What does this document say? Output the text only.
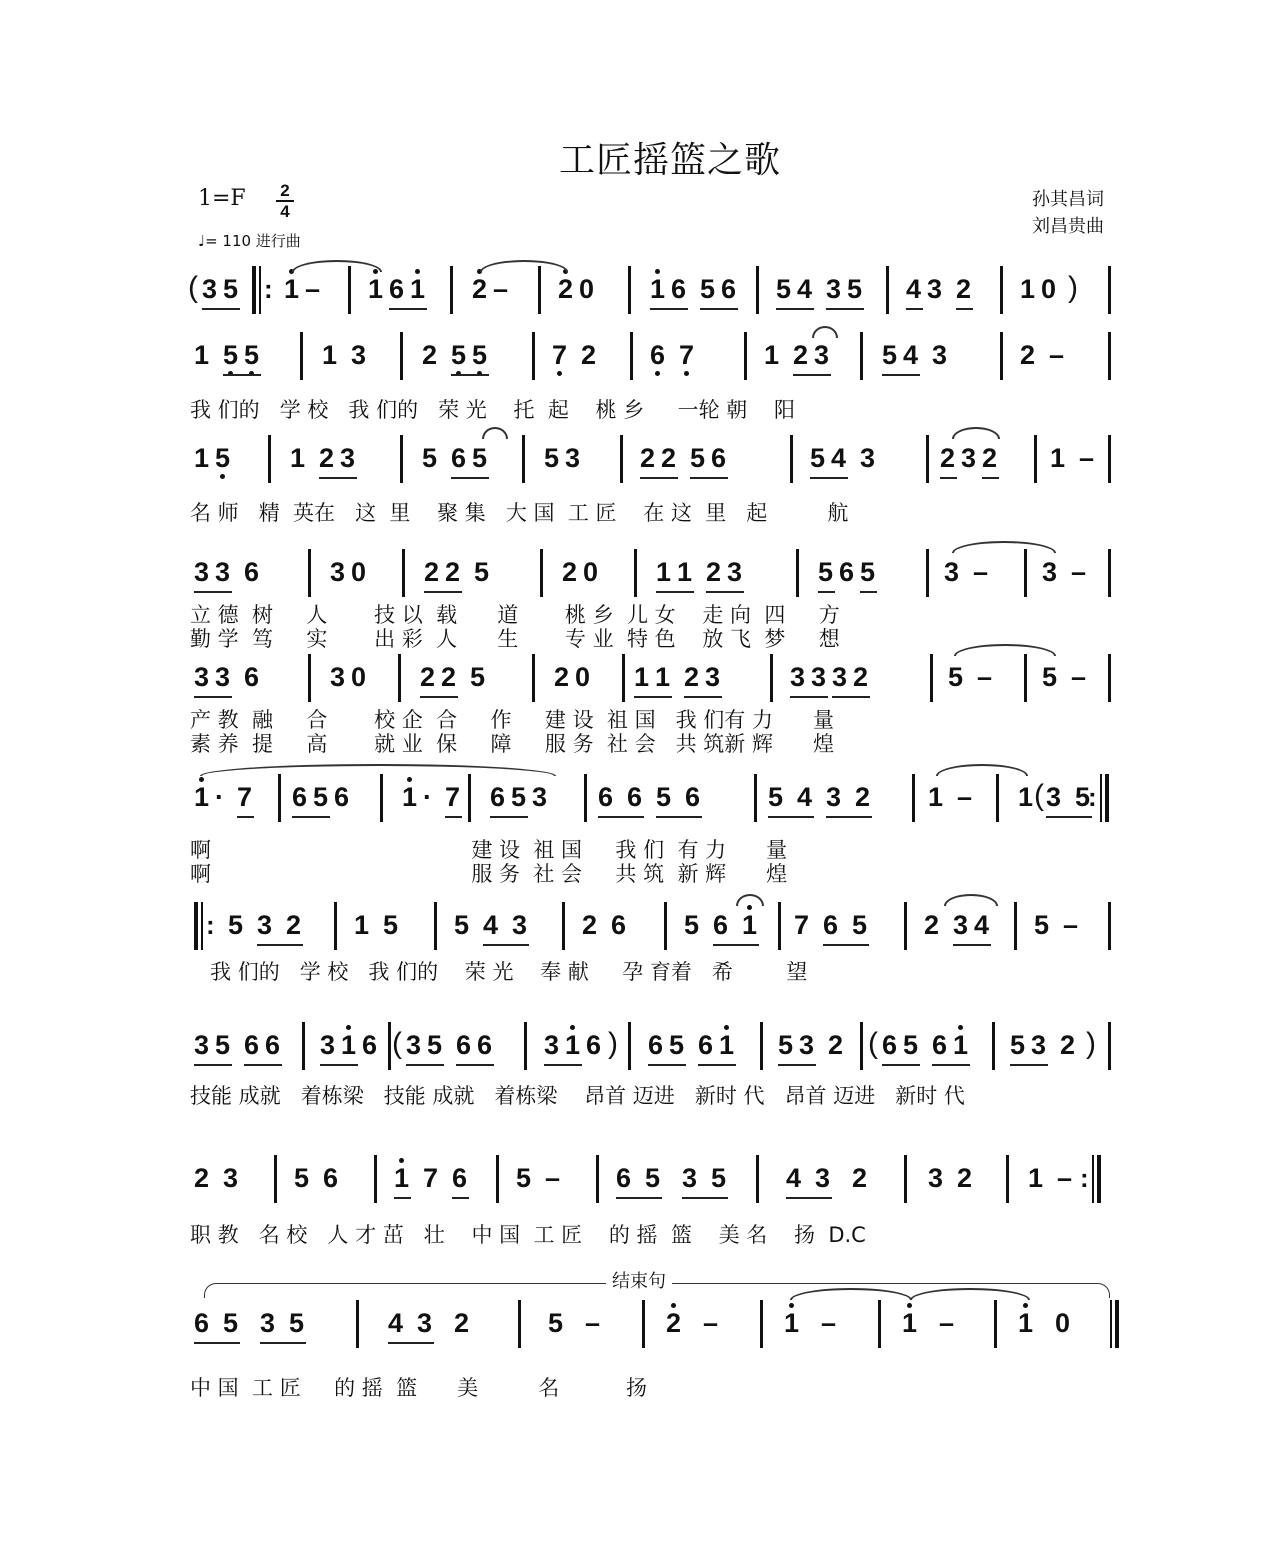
工匠摇篮之歌
1=F 2
4
♩= 110 进行曲
孙其昌词
刘昌贵曲
( 3 5 : 1 – 1 6 1 2 – 2 0 1 6 5 6 5 4 3 5 4 3 2 1 0 )
1 5 5 1 3 2 5 5 7 2 6 7	1 2 3 5 4 3	2 –
我 们的   学 校   我 们的   荣 光    托  起    桃 乡     一轮 朝    阳
1 5 1 2 3 5 6 5 5 3 2 2 5 6	5 4 3 2 3 2 1 –
名 师   精  英在   这  里    聚 集   大 国  工 匠    在 这  里   起         航
3 3 6	3 0 2 2 5	2 0 1 1 2 3	5 6 5	3 – 3 –
立 德  树     人       技 以  载      道       桃 乡  儿 女    走 向  四     方
勤 学  笃     实       出 彩  人      生       专 业  特 色    放 飞  梦     想
3 3 6	3 0 2 2 5	2 0 1 1 2 3	3 3 3 2	5 – 5 –
产 教  融     合       校 企  合     作     建 设  祖 国   我 们有 力      量
素 养  提     高       就 业  保     障     服 务  社 会   共 筑新 辉      煌
1 · 7 6 5 6 1 · 7 6 5 3 6 6 5 6	5 4 3 2 1 – 1 ( 3 5
:
啊                                       建 设  祖 国     我 们  有 力      量
啊                                       服 务  社 会     共 筑  新 辉      煌
: 5 3 2 1 5 5 4 3 2 6 5 6 1 7 6 5 2 3 4 5 –
我 们的   学 校   我 们的    荣 光    奉 献     孕 育着   希        望
3 5 6 6 3 1 6 ( 3 5 6 6 3 1 6 ) 6 5 6 1 5 3 2 ( 6 5 6 1 5 3 2 )
技能 成就   着栋梁   技能 成就   着栋梁    昂首 迈进   新时 代   昂首 迈进   新时 代
2 3 5 6 1 7 6 5 – 6 5 3 5 4 3 2 3 2 1 – :
职 教   名 校   人 才 茁   壮    中 国  工 匠    的 摇  篮    美 名    扬  D.C
6 5 3 5	4 3 2	5 – 2 – 1 – 1 – 1 0
中 国  工 匠     的 摇  篮      美         名          扬
结束句
